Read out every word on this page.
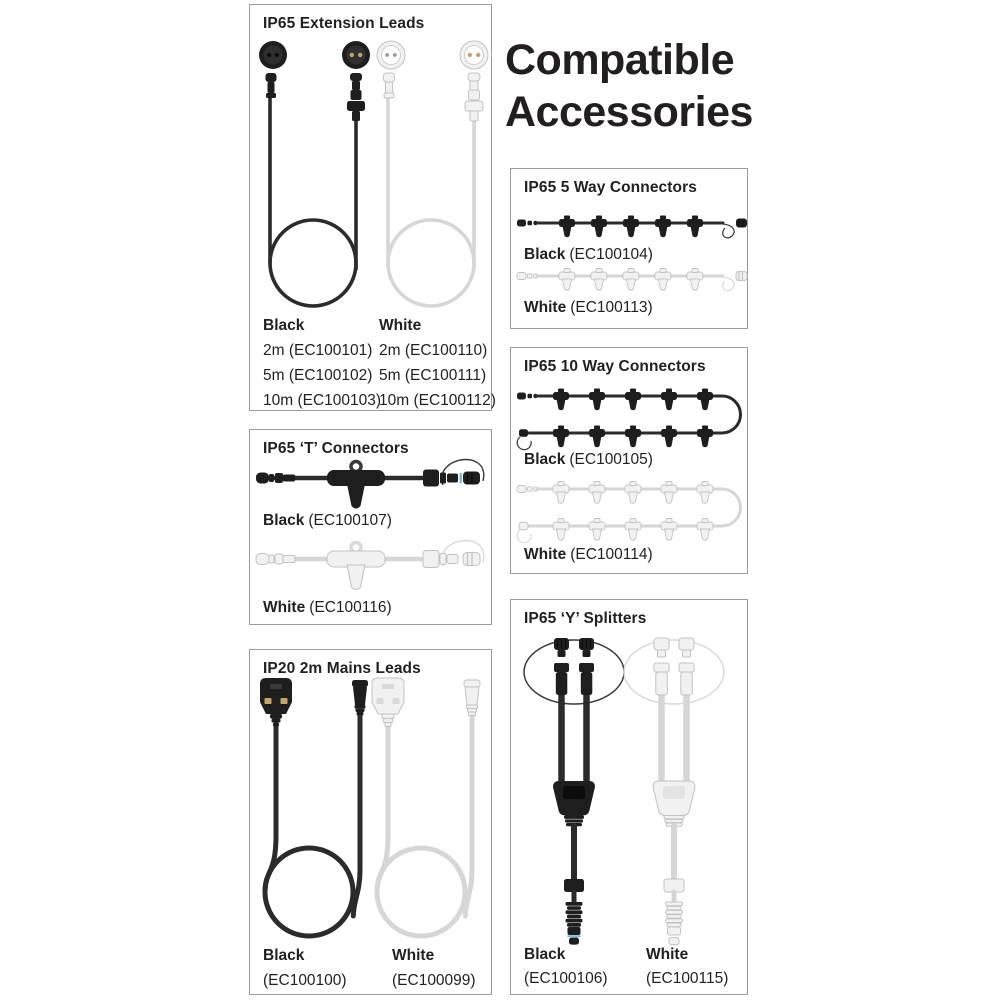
Compatible
Accessories
IP65 Extension Leads
Black	White
2m (EC100101)
5m (EC100102)
10m (EC100103)
2m (EC100110)
5m (EC100111)
10m (EC100112)
IP65 ‘T’ Connectors
Black (EC100107)
White (EC100116)
IP20 2m Mains Leads
Black
(EC100100)
White
(EC100099)
IP65 5 Way Connectors
Black (EC100104)
White (EC100113)
IP65 10 Way Connectors
Black (EC100105)
White (EC100114)
IP65 ‘Y’ Splitters
Black
(EC100106)
White
(EC100115)
